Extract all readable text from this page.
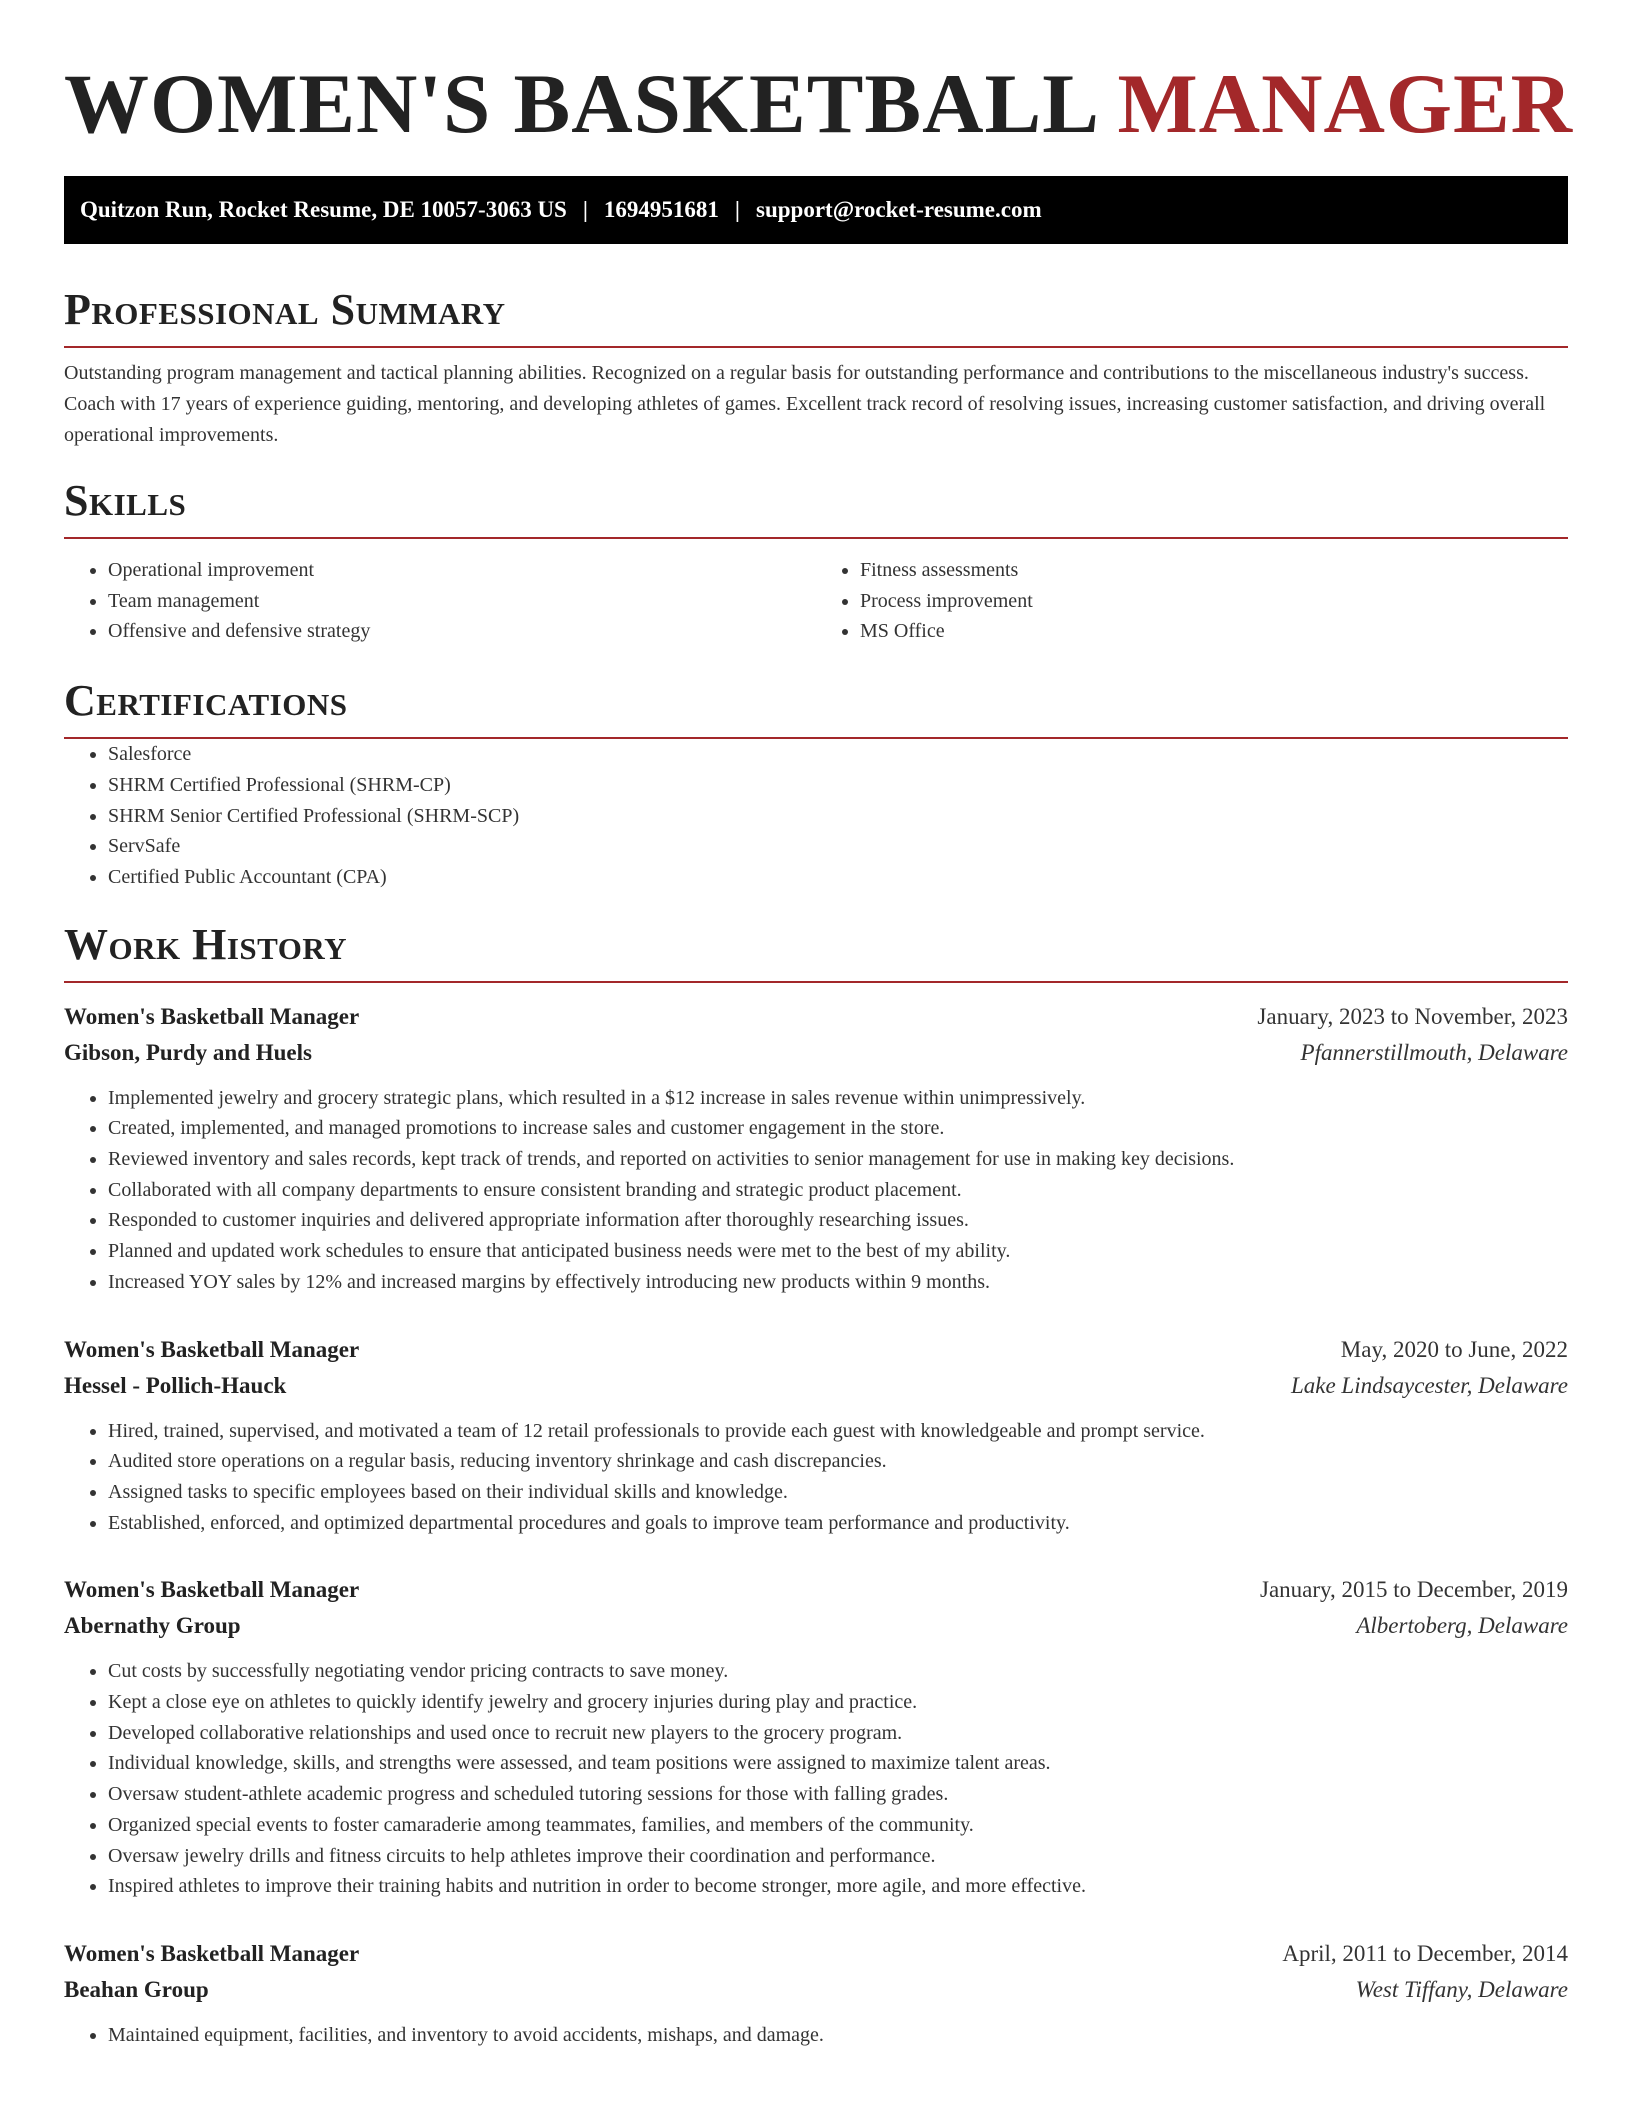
WOMEN'S BASKETBALL MANAGER
Quitzon Run, Rocket Resume, DE 10057-3063 US | 1694951681 | support@rocket-resume.com
Professional Summary

Outstanding program management and tactical planning abilities. Recognized on a regular basis for outstanding performance and contributions to the miscellaneous industry's success. Coach with 17 years of experience guiding, mentoring, and developing athletes of games. Excellent track record of resolving issues, increasing customer satisfaction, and driving overall operational improvements.

Skills
• Operational improvement
• Team management
• Offensive and defensive strategy
• Fitness assessments
• Process improvement
• MS Office
Certifications
• Salesforce
• SHRM Certified Professional (SHRM-CP)
• SHRM Senior Certified Professional (SHRM-SCP)
• ServSafe
• Certified Public Accountant (CPA)
Work History
Women's Basketball Manager	January, 2023 to November, 2023
Gibson, Purdy and Huels	Pfannerstillmouth, Delaware
• Implemented jewelry and grocery strategic plans, which resulted in a $12 increase in sales revenue within unimpressively.
• Created, implemented, and managed promotions to increase sales and customer engagement in the store.
• Reviewed inventory and sales records, kept track of trends, and reported on activities to senior management for use in making key decisions.
• Collaborated with all company departments to ensure consistent branding and strategic product placement.
• Responded to customer inquiries and delivered appropriate information after thoroughly researching issues.
• Planned and updated work schedules to ensure that anticipated business needs were met to the best of my ability.
• Increased YOY sales by 12% and increased margins by effectively introducing new products within 9 months.
Women's Basketball Manager	May, 2020 to June, 2022
Hessel - Pollich-Hauck	Lake Lindsaycester, Delaware
• Hired, trained, supervised, and motivated a team of 12 retail professionals to provide each guest with knowledgeable and prompt service.
• Audited store operations on a regular basis, reducing inventory shrinkage and cash discrepancies.
• Assigned tasks to specific employees based on their individual skills and knowledge.
• Established, enforced, and optimized departmental procedures and goals to improve team performance and productivity.
Women's Basketball Manager	January, 2015 to December, 2019
Abernathy Group	Albertoberg, Delaware
• Cut costs by successfully negotiating vendor pricing contracts to save money.
• Kept a close eye on athletes to quickly identify jewelry and grocery injuries during play and practice.
• Developed collaborative relationships and used once to recruit new players to the grocery program.
• Individual knowledge, skills, and strengths were assessed, and team positions were assigned to maximize talent areas.
• Oversaw student-athlete academic progress and scheduled tutoring sessions for those with falling grades.
• Organized special events to foster camaraderie among teammates, families, and members of the community.
• Oversaw jewelry drills and fitness circuits to help athletes improve their coordination and performance.
• Inspired athletes to improve their training habits and nutrition in order to become stronger, more agile, and more effective.
Women's Basketball Manager	April, 2011 to December, 2014
Beahan Group	West Tiffany, Delaware
• Maintained equipment, facilities, and inventory to avoid accidents, mishaps, and damage.
